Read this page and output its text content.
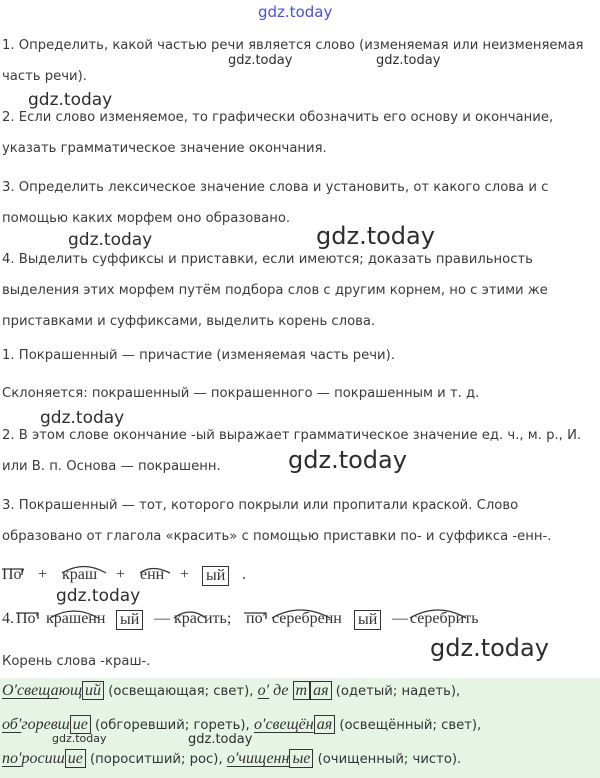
gdz.today
gdz.today	gdz.today
gdz.today
gdz.today	gdz.today
gdz.today
gdz.today
gdz.today
gdz.today

1. Определить, какой частью речи является слово (изменяемая или неизменяемая часть речи).

2. Если слово изменяемое, то графически обозначить его основу и окончание, указать грамматическое значение окончания.

3. Определить лексическое значение слова и установить, от какого слова и с помощью каких морфем оно образовано.

4. Выделить суффиксы и приставки, если имеются; доказать правильность выделения этих морфем путём подбора слов с другим корнем, но с этими же приставками и суффиксами, выделить корень слова.

1. Покрашенный — причастие (изменяемая часть речи).

Склоняется: покрашенный — покрашенного — покрашенным и т. д.

2. В этом слове окончание -ый выражает грамматическое значение ед. ч., м. р., И. или В. п. Основа — покрашенн.

3. Покрашенный — тот, которого покрыли или пропитали краской. Слово образовано от глагола «красить» с помощью приставки по- и суффикса -енн-.

По′ + краш + енн + ый .
4. По′ крашенн ый — красить; по′ серебренн ый — серебрить

Корень слова -краш-.

О′свещающ ий (освещающая; свет), о′ де т ая (одетый; надеть),
об′горевш ие (обгоревший; гореть), о′свещён ая (освещённый; свет),
по′росиш ие (пороситший; рос), о′чищенн ые (очищенный; чисто).
gdz.today	gdz.today
